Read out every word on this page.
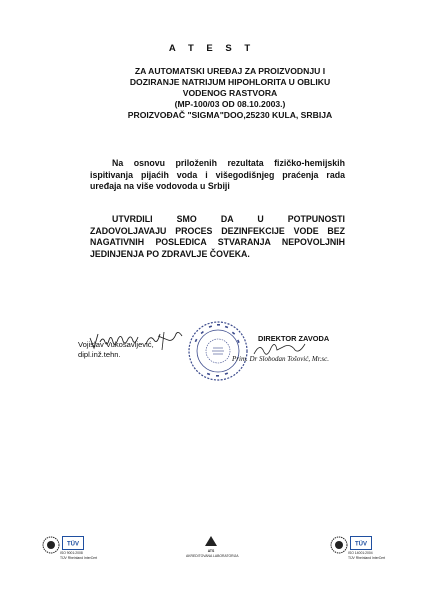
A T E S T
ZA AUTOMATSKI UREĐAJ ZA PROIZVODNJU I
DOZIRANJE NATRIJUM HIPOHLORITA U OBLIKU
VODENOG RASTVORA
(MP-100/03 OD 08.10.2003.)
PROIZVOĐAČ "SIGMA"DOO,25230 KULA, SRBIJA
Na osnovu priloženih rezultata fizičko-hemijskih
ispitivanja pijaćih voda i višegodišnjeg praćenja rada
uređaja na više vodovoda u Srbiji
UTVRDILI SMO DA U POTPUNOSTI
ZADOVOLJAVAJU PROCES DEZINFEKCIJE VODE BEZ
NAGATIVNIH POSLEDICA STVARANJA NEPOVOLJNIH
JEDINJENJA PO ZDRAVLJE ČOVEKA.
Vojislav Vukosavljević,
dipl.inž.tehn.
DIREKTOR ZAVODA
Prim. Dr Slobodan Tošović, Mr.sc.
TÜV
ISO 9001:2008
TÜV Rheinland InterCert
ATS
AKREDITOVANA LABORATORIJA
TÜV
ISO 14001:2004
TÜV Rheinland InterCert
